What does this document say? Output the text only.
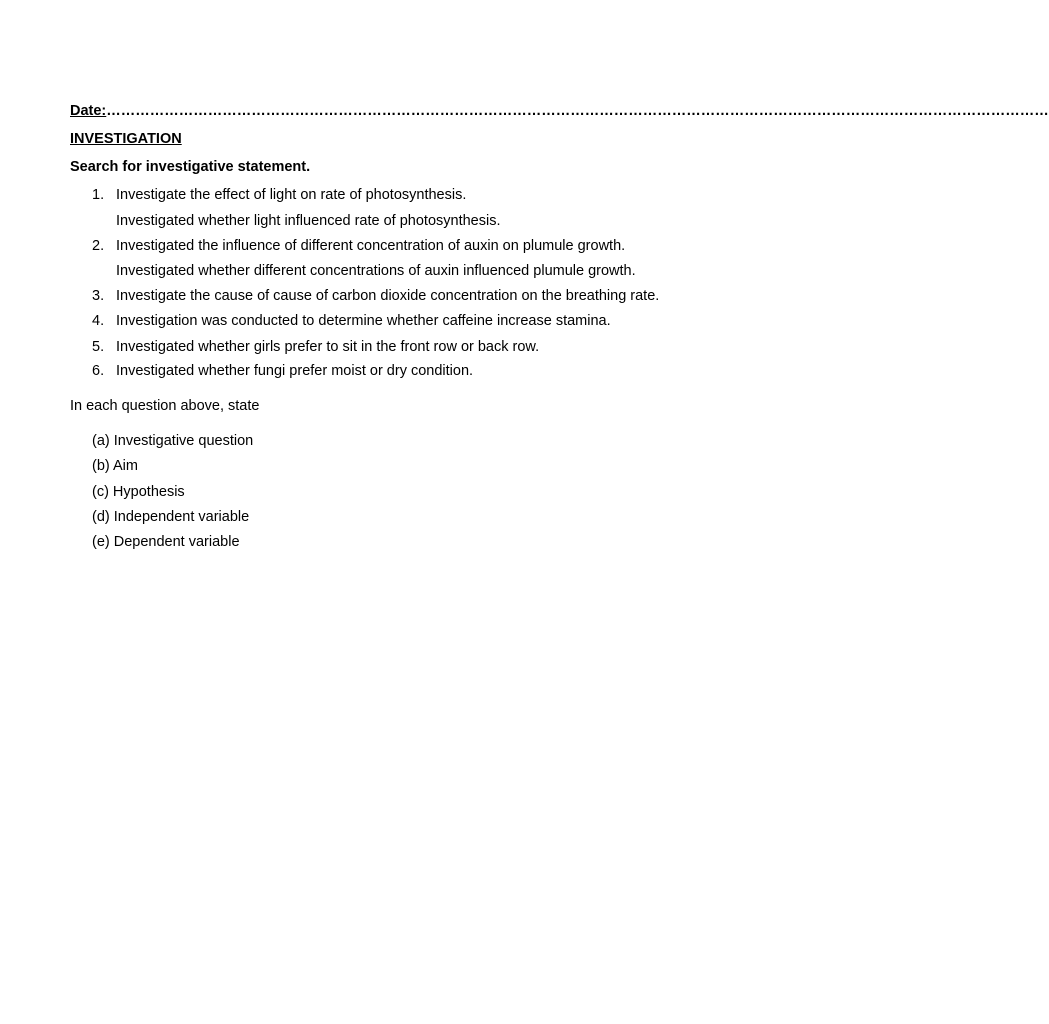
Date:……………………………………………………………………………………………………………………………………………………………………………
INVESTIGATION
Search for investigative statement.
1. Investigate the effect of light on rate of photosynthesis.
Investigated whether light influenced rate of photosynthesis.
2. Investigated the influence of different concentration of auxin on plumule growth.
Investigated whether different concentrations of auxin influenced plumule growth.
3. Investigate the cause of cause of carbon dioxide concentration on the breathing rate.
4. Investigation was conducted to determine whether caffeine increase stamina.
5. Investigated whether girls prefer to sit in the front row or back row.
6. Investigated whether fungi prefer moist or dry condition.
In each question above, state
(a) Investigative question
(b) Aim
(c) Hypothesis
(d) Independent variable
(e) Dependent variable
